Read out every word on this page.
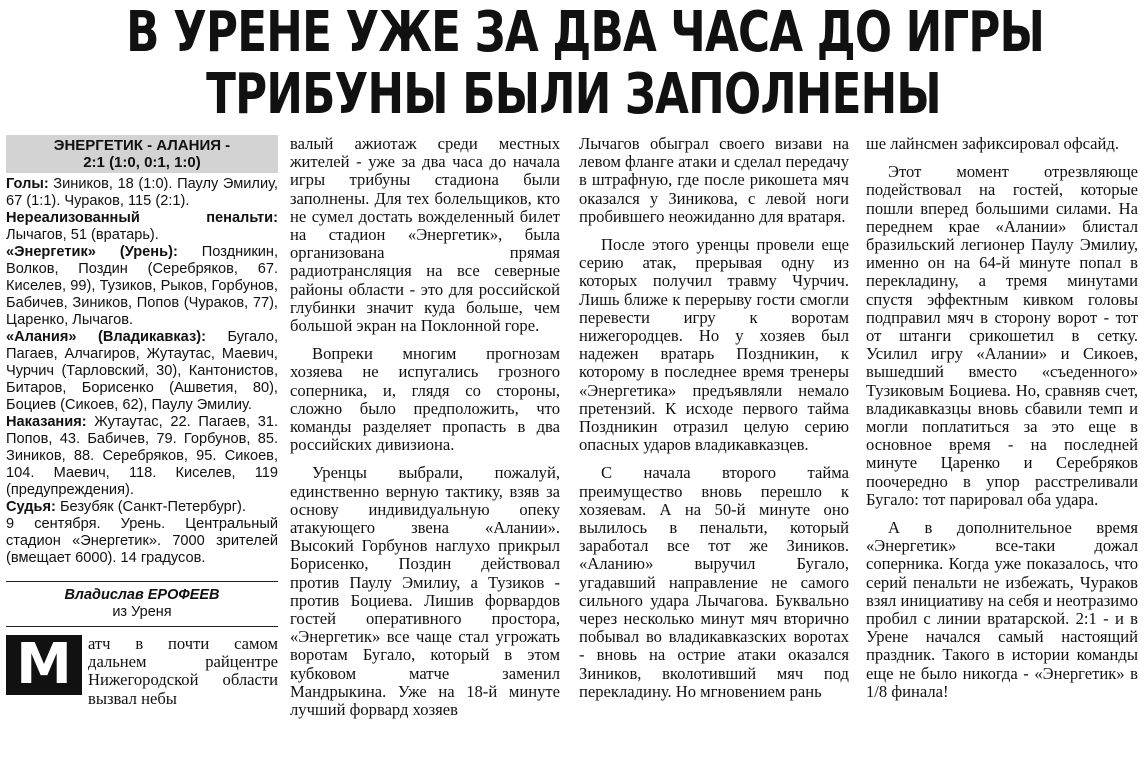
В УРЕНЕ УЖЕ ЗА ДВА ЧАСА ДО ИГРЫ
ТРИБУНЫ БЫЛИ ЗАПОЛНЕНЫ
ЭНЕРГЕТИК - АЛАНИЯ -
2:1 (1:0, 0:1, 1:0)

Голы: Зиников, 18 (1:0). Паулу Эмилиу, 67 (1:1). Чураков, 115 (2:1).

Нереализованный пенальти: Лычагов, 51 (вратарь).

«Энергетик» (Урень): Поздникин, Волков, Поздин (Серебряков, 67. Киселев, 99), Тузиков, Рыков, Горбунов, Бабичев, Зиников, Попов (Чураков, 77), Царенко, Лычагов.

«Алания» (Владикавказ): Бугало, Пагаев, Алчагиров, Жутаутас, Маевич, Чурчич (Тарловский, 30), Кантонистов, Битаров, Борисенко (Ашветия, 80), Боциев (Сикоев, 62), Паулу Эмилиу.

Наказания: Жутаутас, 22. Пагаев, 31. Попов, 43. Бабичев, 79. Горбунов, 85. Зиников, 88. Серебряков, 95. Сикоев, 104. Маевич, 118. Киселев, 119 (предупреждения).

Судья: Безубяк (Санкт-Петербург).

9 сентября. Урень. Центральный стадион «Энергетик». 7000 зрителей (вмещает 6000). 14 градусов.

Владислав ЕРОФЕЕВ
из Уреня
М атч в почти самом дальнем райцентре Нижегородской области вызвал небы

валый ажиотаж среди местных жителей - уже за два часа до начала игры трибуны стадиона были заполнены. Для тех болельщиков, кто не сумел достать вожделенный билет на стадион «Энергетик», была организована прямая радиотрансляция на все северные районы области - это для российской глубинки значит куда больше, чем большой экран на Поклонной горе.

Вопреки многим прогнозам хозяева не испугались грозного соперника, и, глядя со стороны, сложно было предположить, что команды разделяет пропасть в два российских дивизиона.

Уренцы выбрали, пожалуй, единственно верную тактику, взяв за основу индивидуальную опеку атакующего звена «Алании». Высокий Горбунов наглухо прикрыл Борисенко, Поздин действовал против Паулу Эмилиу, а Тузиков - против Боциева. Лишив форвардов гостей оперативного простора, «Энергетик» все чаще стал угрожать воротам Бугало, который в этом кубковом матче заменил Мандрыкина. Уже на 18-й минуте лучший форвард хозяев

Лычагов обыграл своего визави на левом фланге атаки и сделал передачу в штрафную, где после рикошета мяч оказался у Зиникова, с левой ноги пробившего неожиданно для вратаря.

После этого уренцы провели еще серию атак, прерывая одну из которых получил травму Чурчич. Лишь ближе к перерыву гости смогли перевести игру к воротам нижегородцев. Но у хозяев был надежен вратарь Поздникин, к которому в последнее время тренеры «Энергетика» предъявляли немало претензий. К исходе первого тайма Поздникин отразил целую серию опасных ударов владикавказцев.

С начала второго тайма преимущество вновь перешло к хозяевам. А на 50-й минуте оно вылилось в пенальти, который заработал все тот же Зиников. «Аланию» выручил Бугало, угадавший направление не самого сильного удара Лычагова. Буквально через несколько минут мяч вторично побывал во владикавказских воротах - вновь на острие атаки оказался Зиников, вколотивший мяч под перекладину. Но мгновением рань

ше лайнсмен зафиксировал офсайд.

Этот момент отрезвляюще подействовал на гостей, которые пошли вперед большими силами. На переднем крае «Алании» блистал бразильский легионер Паулу Эмилиу, именно он на 64-й минуте попал в перекладину, а тремя минутами спустя эффектным кивком головы подправил мяч в сторону ворот - тот от штанги срикошетил в сетку. Усилил игру «Алании» и Сикоев, вышедший вместо «съеденного» Тузиковым Боциева. Но, сравняв счет, владикавказцы вновь сбавили темп и могли поплатиться за это еще в основное время - на последней минуте Царенко и Серебряков поочередно в упор расстреливали Бугало: тот парировал оба удара.

А в дополнительное время «Энергетик» все-таки дожал соперника. Когда уже показалось, что серий пенальти не избежать, Чураков взял инициативу на себя и неотразимо пробил с линии вратарской. 2:1 - и в Урене начался самый настоящий праздник. Такого в истории команды еще не было никогда - «Энергетик» в 1/8 финала!
